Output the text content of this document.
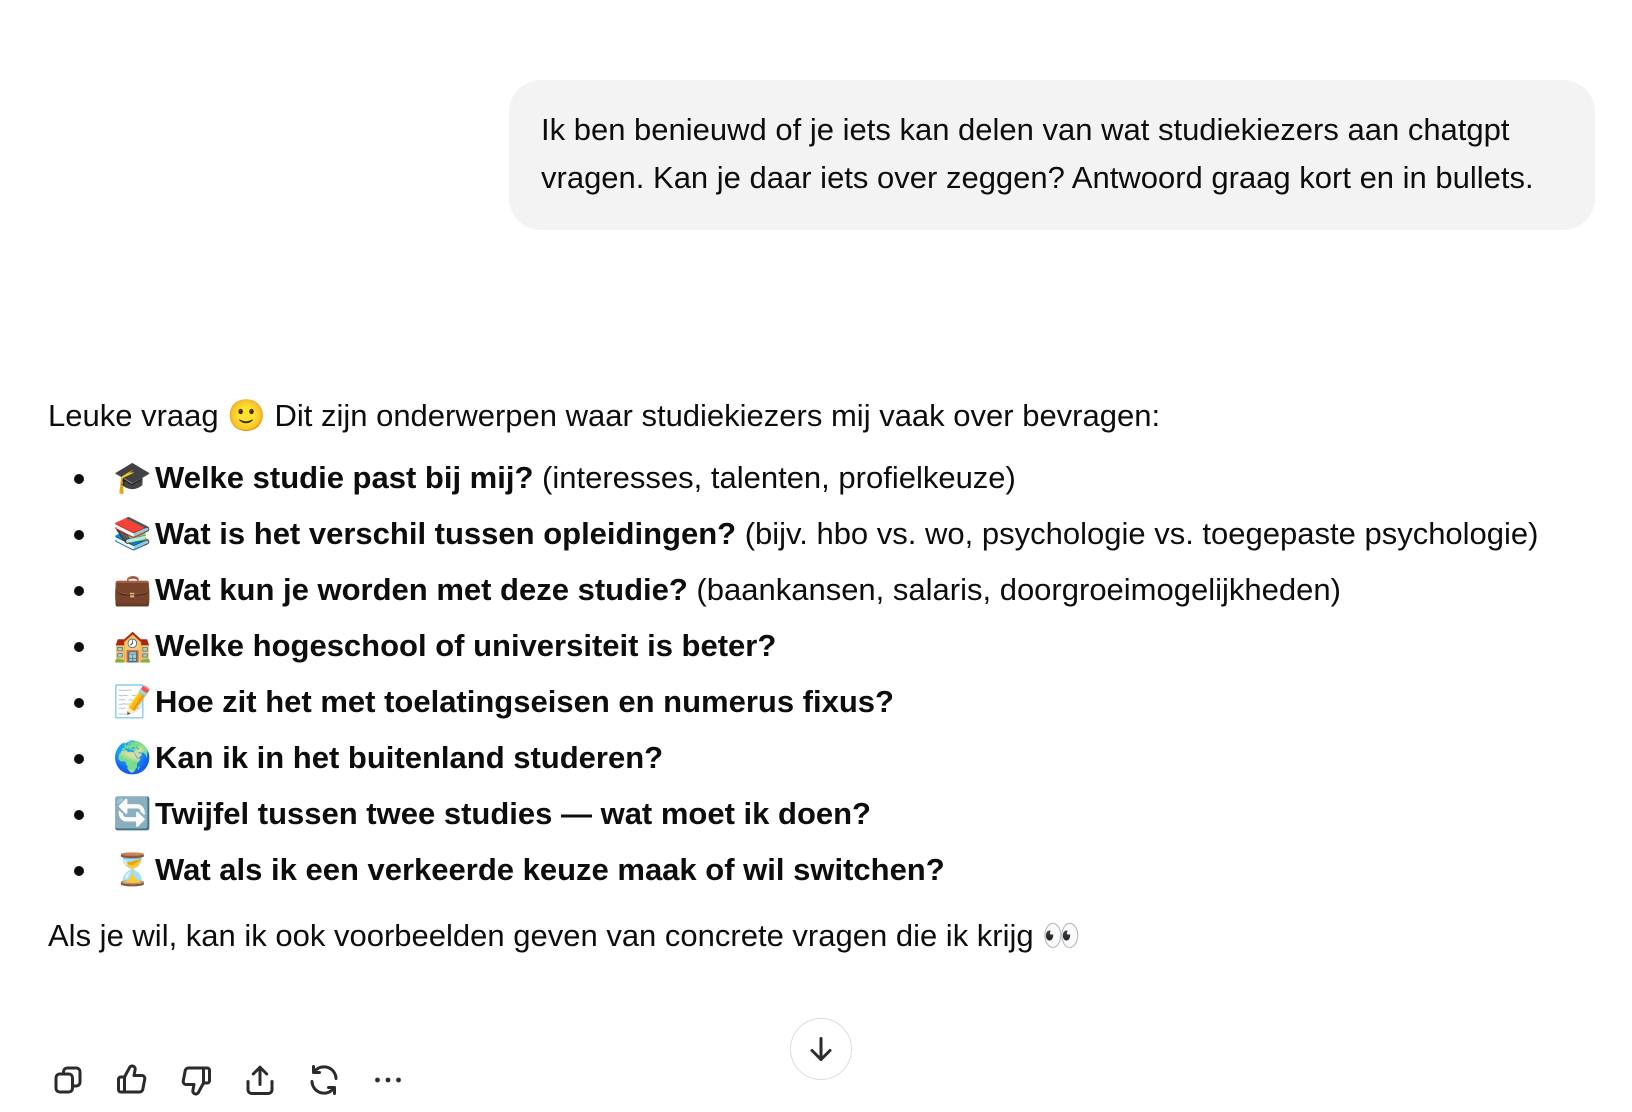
Ik ben benieuwd of je iets kan delen van wat studiekiezers aan chatgpt vragen. Kan je daar iets over zeggen? Antwoord graag kort en in bullets.

Leuke vraag 🙂 Dit zijn onderwerpen waar studiekiezers mij vaak over bevragen:

🎓 Welke studie past bij mij? (interesses, talenten, profielkeuze)
📚 Wat is het verschil tussen opleidingen? (bijv. hbo vs. wo, psychologie vs. toegepaste psychologie)
💼 Wat kun je worden met deze studie? (baankansen, salaris, doorgroeimogelijkheden)
🏫 Welke hogeschool of universiteit is beter?
📝 Hoe zit het met toelatingseisen en numerus fixus?
🌍 Kan ik in het buitenland studeren?
🔄 Twijfel tussen twee studies — wat moet ik doen?
⏳ Wat als ik een verkeerde keuze maak of wil switchen?

Als je wil, kan ik ook voorbeelden geven van concrete vragen die ik krijg 👀
